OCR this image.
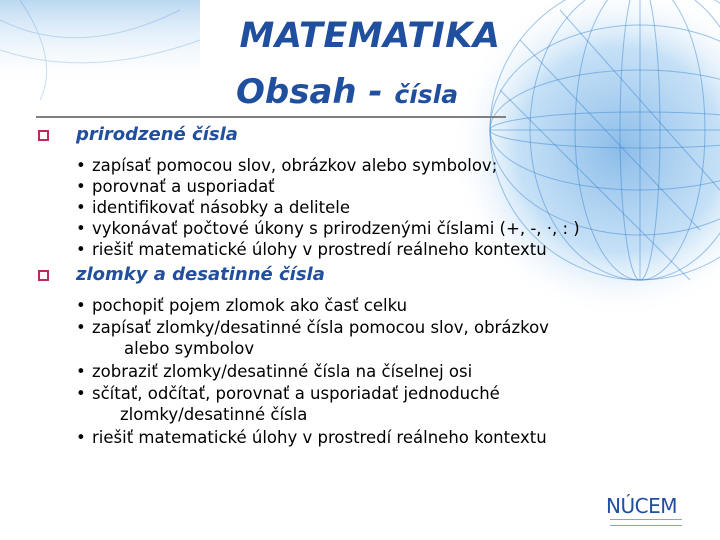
MATEMATIKA
Obsah - čísla
prirodzené čísla
• zapísať pomocou slov, obrázkov alebo symbolov;
• porovnať a usporiadať
• identifikovať násobky a delitele
• vykonávať počtové úkony s prirodzenými číslami (+, -, ·, : )
• riešiť matematické úlohy v prostredí reálneho kontextu
zlomky a desatinné čísla
• pochopiť pojem zlomok ako časť celku
• zapísať zlomky/desatinné čísla pomocou slov, obrázkov
alebo symbolov
• zobraziť zlomky/desatinné čísla na číselnej osi
• sčítať, odčítať, porovnať a usporiadať jednoduché
zlomky/desatinné čísla
• riešiť matematické úlohy v prostredí reálneho kontextu
NÚCEM
